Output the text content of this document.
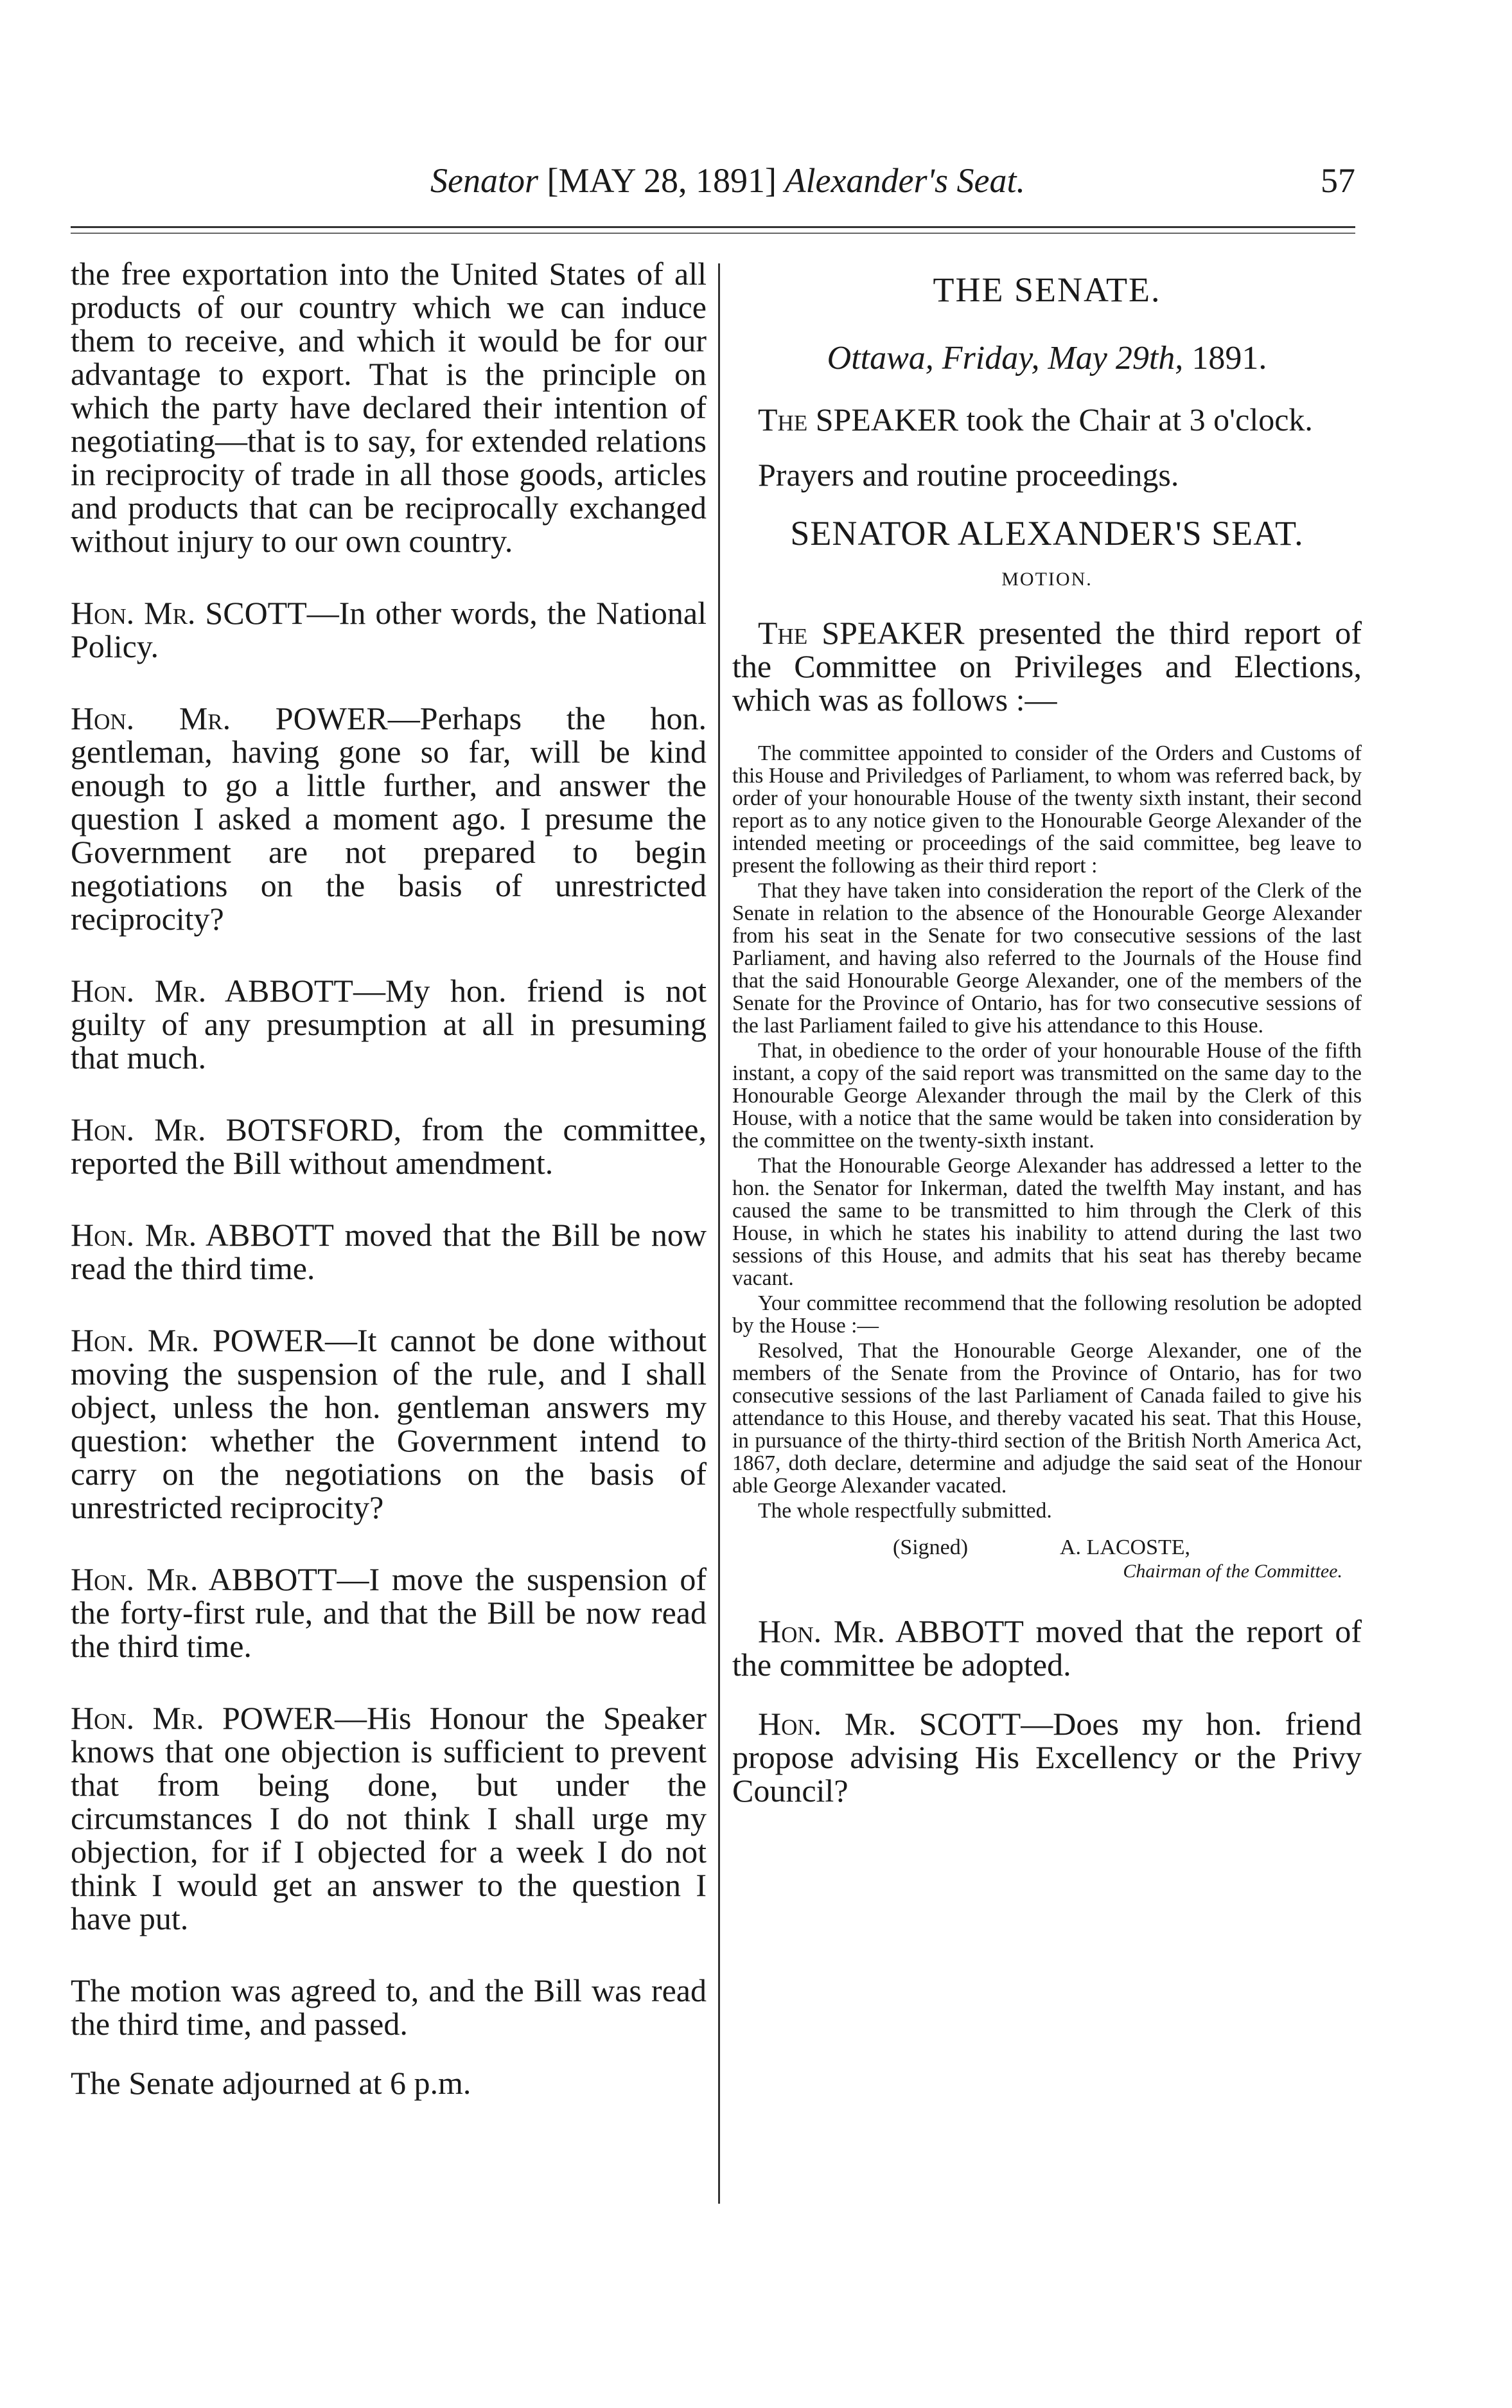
Senator [MAY 28, 1891] Alexander's Seat.	57

the free exportation into the United States of all products of our country which we can induce them to receive, and which it would be for our advantage to export. That is the principle on which the party have declared their intention of negotiating—that is to say, for extended relations in reciprocity of trade in all those goods, articles and products that can be reciprocally exchanged without injury to our own country.

Hon. Mr. SCOTT—In other words, the National Policy.

Hon. Mr. POWER—Perhaps the hon. gentleman, having gone so far, will be kind enough to go a little further, and answer the question I asked a moment ago. I presume the Government are not prepared to begin negotiations on the basis of unrestricted reciprocity?

Hon. Mr. ABBOTT—My hon. friend is not guilty of any presumption at all in presuming that much.

Hon. Mr. BOTSFORD, from the committee, reported the Bill without amendment.

Hon. Mr. ABBOTT moved that the Bill be now read the third time.

Hon. Mr. POWER—It cannot be done without moving the suspension of the rule, and I shall object, unless the hon. gentleman answers my question: whether the Government intend to carry on the negotiations on the basis of unrestricted reciprocity?

Hon. Mr. ABBOTT—I move the suspension of the forty-first rule, and that the Bill be now read the third time.

Hon. Mr. POWER—His Honour the Speaker knows that one objection is sufficient to prevent that from being done, but under the circumstances I do not think I shall urge my objection, for if I objected for a week I do not think I would get an answer to the question I have put.

The motion was agreed to, and the Bill was read the third time, and passed.

The Senate adjourned at 6 p.m.

THE SENATE.

Ottawa, Friday, May 29th, 1891.

The SPEAKER took the Chair at 3 o'clock.

Prayers and routine proceedings.

SENATOR ALEXANDER'S SEAT.

MOTION.

The SPEAKER presented the third report of the Committee on Privileges and Elections, which was as follows :—

The committee appointed to consider of the Orders and Customs of this House and Priviledges of Parliament, to whom was referred back, by order of your honourable House of the twenty sixth instant, their second report as to any notice given to the Honourable George Alexander of the intended meeting or proceedings of the said committee, beg leave to present the following as their third report :

That they have taken into consideration the report of the Clerk of the Senate in relation to the absence of the Honourable George Alexander from his seat in the Senate for two consecutive sessions of the last Parliament, and having also referred to the Journals of the House find that the said Honourable George Alexander, one of the members of the Senate for the Province of Ontario, has for two consecutive sessions of the last Parliament failed to give his attendance to this House.

That, in obedience to the order of your honourable House of the fifth instant, a copy of the said report was transmitted on the same day to the Honourable George Alexander through the mail by the Clerk of this House, with a notice that the same would be taken into consideration by the committee on the twenty-sixth instant.

That the Honourable George Alexander has addressed a letter to the hon. the Senator for Inkerman, dated the twelfth May instant, and has caused the same to be transmitted to him through the Clerk of this House, in which he states his inability to attend during the last two sessions of this House, and admits that his seat has thereby became vacant.

Your committee recommend that the following resolution be adopted by the House :—

Resolved, That the Honourable George Alexander, one of the members of the Senate from the Province of Ontario, has for two consecutive sessions of the last Parliament of Canada failed to give his attendance to this House, and thereby vacated his seat. That this House, in pursuance of the thirty-third section of the British North America Act, 1867, doth declare, determine and adjudge the said seat of the Honour able George Alexander vacated.

The whole respectfully submitted.

(Signed)	A. LACOSTE,

Chairman of the Committee.

Hon. Mr. ABBOTT moved that the report of the committee be adopted.

Hon. Mr. SCOTT—Does my hon. friend propose advising His Excellency or the Privy Council?
